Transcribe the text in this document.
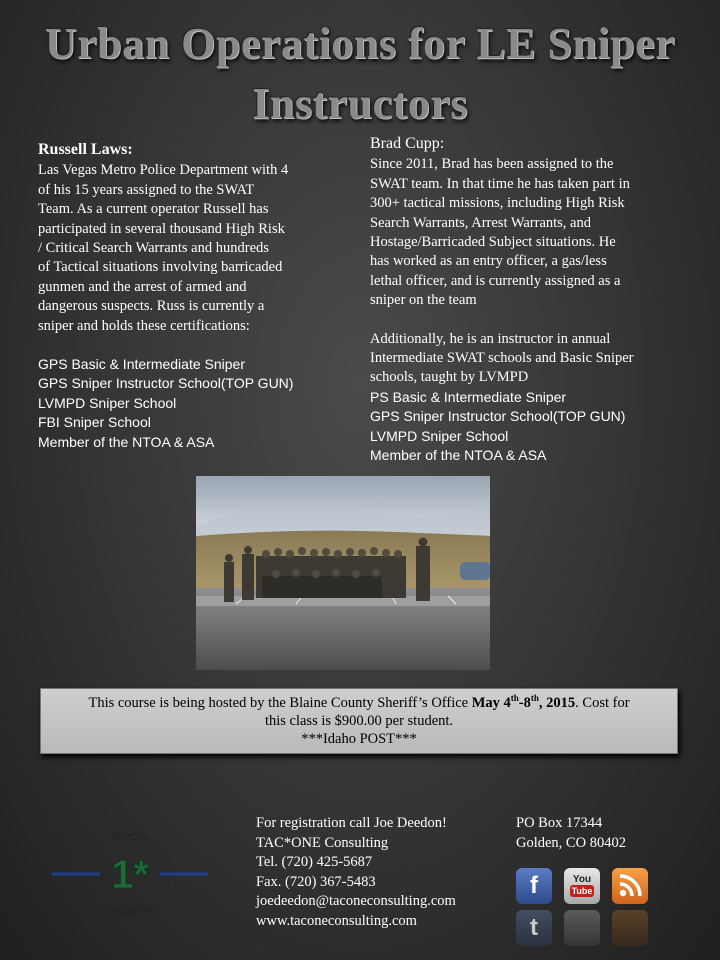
Urban Operations for LE Sniper
Instructors
Russell Laws:
Las Vegas Metro Police Department with 4
of his 15 years assigned to the SWAT
Team. As a current operator Russell has
participated in several thousand High Risk
/ Critical Search Warrants and hundreds
of Tactical situations involving barricaded
gunmen and the arrest of armed and
dangerous suspects. Russ is currently a
sniper and holds these certifications:
GPS Basic & Intermediate Sniper
GPS Sniper Instructor School(TOP GUN)
LVMPD Sniper School
FBI Sniper School
Member of the NTOA & ASA
Brad Cupp:
Since 2011, Brad has been assigned to the
SWAT team. In that time he has taken part in
300+ tactical missions, including High Risk
Search Warrants, Arrest Warrants, and
Hostage/Barricaded Subject situations. He
has worked as an entry officer, a gas/less
lethal officer, and is currently assigned as a
sniper on the team
Additionally, he is an instructor in annual
Intermediate SWAT schools and Basic Sniper
schools, taught by LVMPD
PS Basic & Intermediate Sniper
GPS Sniper Instructor School(TOP GUN)
LVMPD Sniper School
Member of the NTOA & ASA
This course is being hosted by the Blaine County Sheriff’s Office May 4th-8th, 2015. Cost for
this class is $900.00 per student.
***Idaho POST***
TAC*ONE
1*
CONSULTING
For registration call Joe Deedon!
TAC*ONE Consulting
Tel. (720) 425-5687
Fax. (720) 367-5483
joedeedon@taconeconsulting.com
www.taconeconsulting.com
PO Box 17344
Golden, CO 80402
f	You
Tube
t
